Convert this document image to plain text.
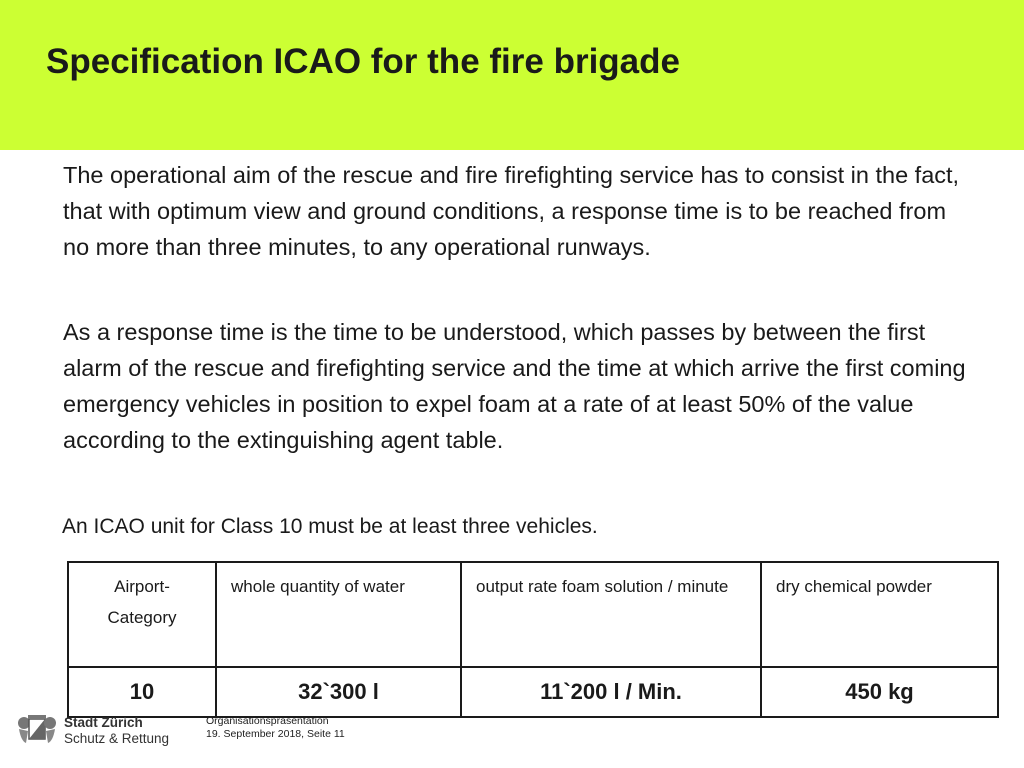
Specification ICAO for the fire brigade

The operational aim of the rescue and fire firefighting service has to consist in the fact, that with optimum view and ground conditions, a response time is to be reached from no more than three minutes, to any operational runways.

As a response time is the time to be understood, which passes by between the first alarm of the rescue and firefighting service and the time at which arrive the first coming emergency vehicles in position to expel foam at a rate of at least 50% of the value according to the extinguishing agent table.

An ICAO unit for Class 10 must be at least three vehicles.

Airport-Category	whole quantity of water	output rate foam solution / minute	dry chemical powder
10	32`300 l	11`200 l / Min.	450 kg
Stadt Zürich
Schutz & Rettung
Organisationspräsentation
19. September 2018, Seite 11
